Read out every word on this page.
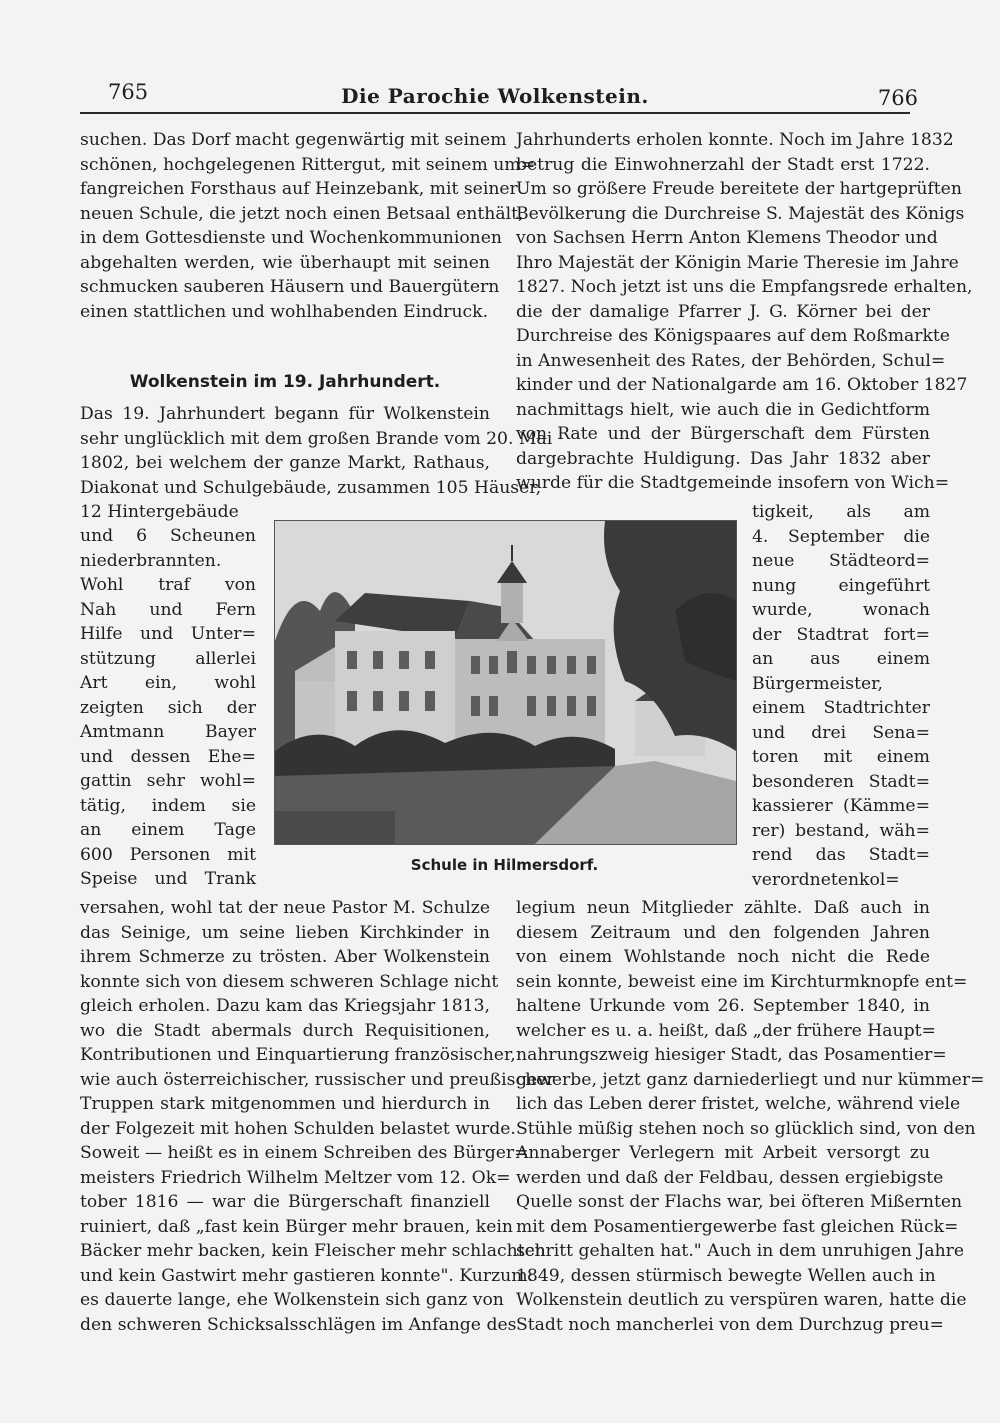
765	Die Parochie Wolkenstein.	766
suchen. Das Dorf macht gegenwärtig mit seinem
schönen, hochgelegenen Rittergut, mit seinem um=
fangreichen Forsthaus auf Heinzebank, mit seiner
neuen Schule, die jetzt noch einen Betsaal enthält,
in dem Gottesdienste und Wochenkommunionen
abgehalten werden, wie überhaupt mit seinen
schmucken sauberen Häusern und Bauergütern
einen stattlichen und wohlhabenden Eindruck.
Wolkenstein im 19. Jahrhundert.
Das 19. Jahrhundert begann für Wolkenstein
sehr unglücklich mit dem großen Brande vom 20. Mai
1802, bei welchem der ganze Markt, Rathaus,
Diakonat und Schulgebäude, zusammen 105 Häuser,
12 Hintergebäude
und 6 Scheunen
niederbrannten.
Wohl traf von
Nah und Fern
Hilfe und Unter=
stützung allerlei
Art ein, wohl
zeigten sich der
Amtmann Bayer
und dessen Ehe=
gattin sehr wohl=
tätig, indem sie
an einem Tage
600 Personen mit
Speise und Trank
versahen, wohl tat der neue Pastor M. Schulze
das Seinige, um seine lieben Kirchkinder in
ihrem Schmerze zu trösten. Aber Wolkenstein
konnte sich von diesem schweren Schlage nicht
gleich erholen. Dazu kam das Kriegsjahr 1813,
wo die Stadt abermals durch Requisitionen,
Kontributionen und Einquartierung französischer,
wie auch österreichischer, russischer und preußischer
Truppen stark mitgenommen und hierdurch in
der Folgezeit mit hohen Schulden belastet wurde.
Soweit — heißt es in einem Schreiben des Bürger=
meisters Friedrich Wilhelm Meltzer vom 12. Ok=
tober 1816 — war die Bürgerschaft finanziell
ruiniert, daß „fast kein Bürger mehr brauen, kein
Bäcker mehr backen, kein Fleischer mehr schlachten
und kein Gastwirt mehr gastieren konnte". Kurzum:
es dauerte lange, ehe Wolkenstein sich ganz von
den schweren Schicksalsschlägen im Anfange des
Jahrhunderts erholen konnte. Noch im Jahre 1832
betrug die Einwohnerzahl der Stadt erst 1722.
Um so größere Freude bereitete der hartgeprüften
Bevölkerung die Durchreise S. Majestät des Königs
von Sachsen Herrn Anton Klemens Theodor und
Ihro Majestät der Königin Marie Theresie im Jahre
1827. Noch jetzt ist uns die Empfangsrede erhalten,
die der damalige Pfarrer J. G. Körner bei der
Durchreise des Königspaares auf dem Roßmarkte
in Anwesenheit des Rates, der Behörden, Schul=
kinder und der Nationalgarde am 16. Oktober 1827
nachmittags hielt, wie auch die in Gedichtform
von Rate und der Bürgerschaft dem Fürsten
dargebrachte Huldigung. Das Jahr 1832 aber
wurde für die Stadtgemeinde insofern von Wich=
tigkeit, als am
4. September die
neue Städteord=
nung eingeführt
wurde, wonach
der Stadtrat fort=
an aus einem
Bürgermeister,
einem Stadtrichter
und drei Sena=
toren mit einem
besonderen Stadt=
kassierer (Kämme=
rer) bestand, wäh=
rend das Stadt=
verordnetenkol=
legium neun Mitglieder zählte. Daß auch in
diesem Zeitraum und den folgenden Jahren
von einem Wohlstande noch nicht die Rede
sein konnte, beweist eine im Kirchturmknopfe ent=
haltene Urkunde vom 26. September 1840, in
welcher es u. a. heißt, daß „der frühere Haupt=
nahrungszweig hiesiger Stadt, das Posamentier=
gewerbe, jetzt ganz darniederliegt und nur kümmer=
lich das Leben derer fristet, welche, während viele
Stühle müßig stehen noch so glücklich sind, von den
Annaberger Verlegern mit Arbeit versorgt zu
werden und daß der Feldbau, dessen ergiebigste
Quelle sonst der Flachs war, bei öfteren Mißernten
mit dem Posamentiergewerbe fast gleichen Rück=
schritt gehalten hat." Auch in dem unruhigen Jahre
1849, dessen stürmisch bewegte Wellen auch in
Wolkenstein deutlich zu verspüren waren, hatte die
Stadt noch mancherlei von dem Durchzug preu=
Schule in Hilmersdorf.
